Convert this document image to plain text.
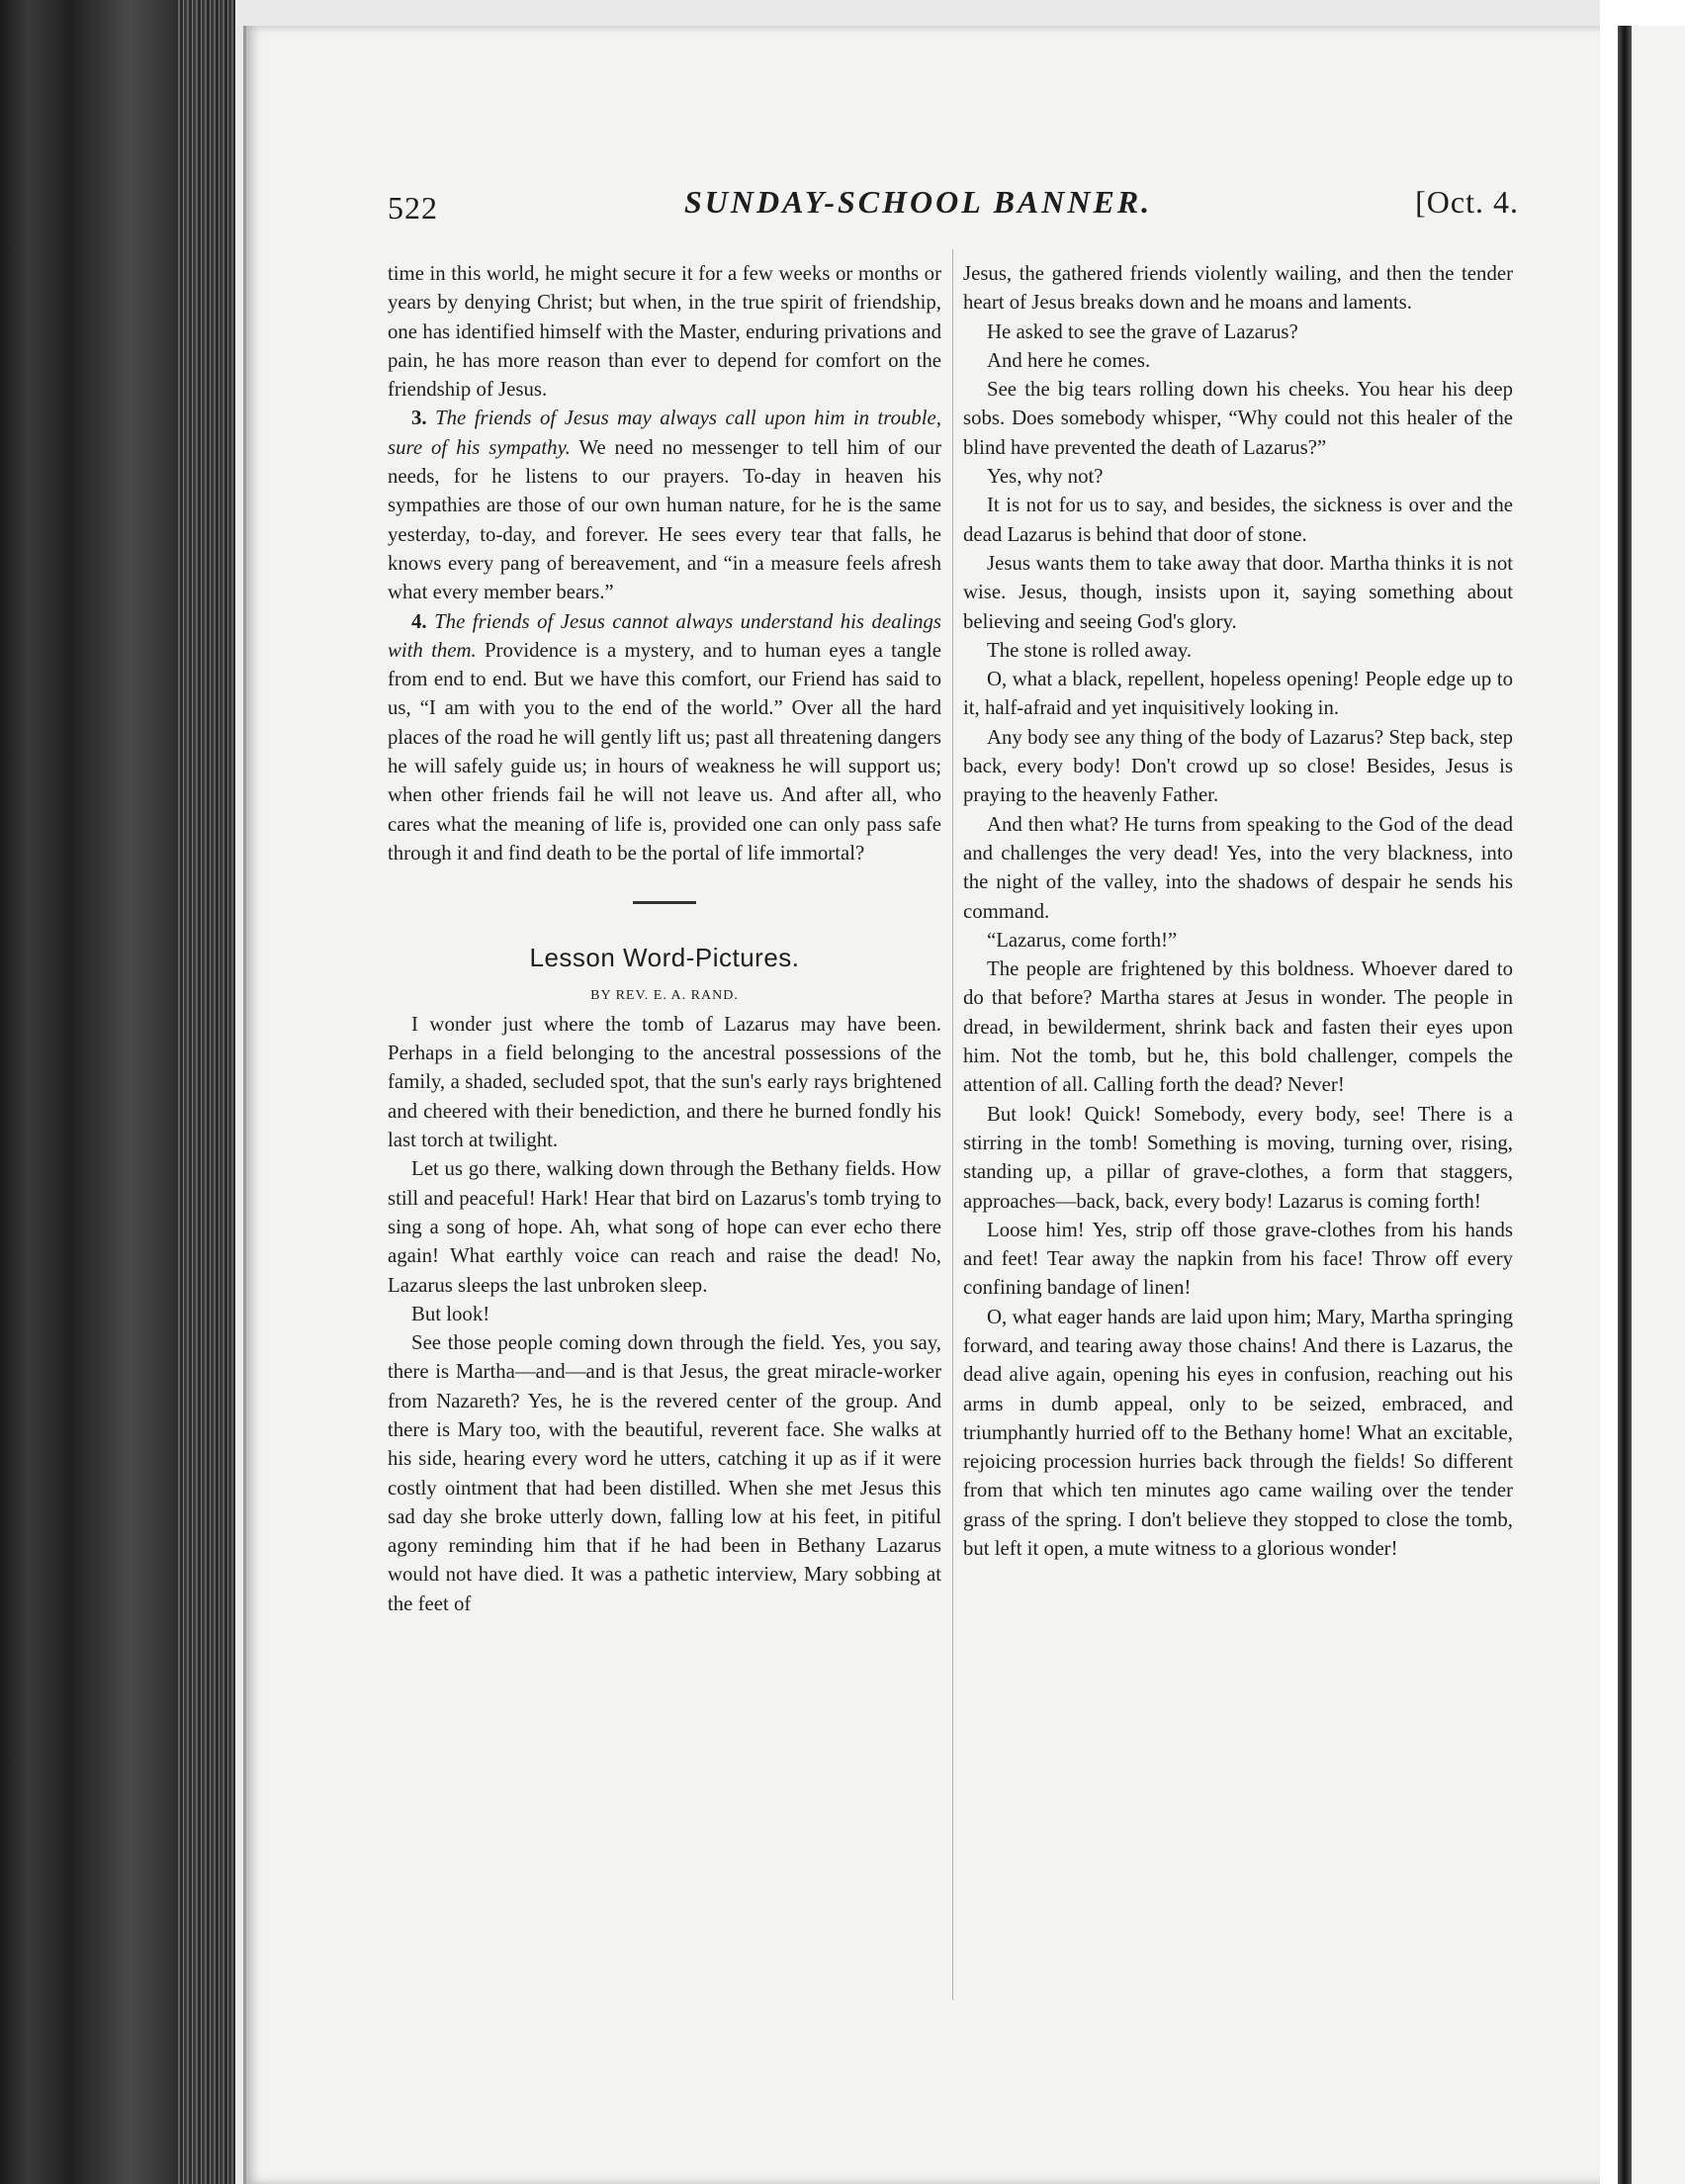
522	SUNDAY-SCHOOL BANNER.	[Oct. 4.

time in this world, he might secure it for a few weeks or months or years by denying Christ; but when, in the true spirit of friendship, one has identified himself with the Master, enduring privations and pain, he has more reason than ever to depend for comfort on the friendship of Jesus.

3. The friends of Jesus may always call upon him in trouble, sure of his sympathy. We need no messenger to tell him of our needs, for he listens to our prayers. To-day in heaven his sympathies are those of our own human nature, for he is the same yesterday, to-day, and forever. He sees every tear that falls, he knows every pang of bereavement, and “in a measure feels afresh what every member bears.”

4. The friends of Jesus cannot always understand his dealings with them. Providence is a mystery, and to human eyes a tangle from end to end. But we have this comfort, our Friend has said to us, “I am with you to the end of the world.” Over all the hard places of the road he will gently lift us; past all threatening dangers he will safely guide us; in hours of weakness he will support us; when other friends fail he will not leave us. And after all, who cares what the meaning of life is, provided one can only pass safe through it and find death to be the portal of life immortal?

Lesson Word-Pictures.

BY REV. E. A. RAND.

I wonder just where the tomb of Lazarus may have been. Perhaps in a field belonging to the ancestral possessions of the family, a shaded, secluded spot, that the sun's early rays brightened and cheered with their benediction, and there he burned fondly his last torch at twilight.

Let us go there, walking down through the Bethany fields. How still and peaceful! Hark! Hear that bird on Lazarus's tomb trying to sing a song of hope. Ah, what song of hope can ever echo there again! What earthly voice can reach and raise the dead! No, Lazarus sleeps the last unbroken sleep.

But look!

See those people coming down through the field. Yes, you say, there is Martha—and—and is that Jesus, the great miracle-worker from Nazareth? Yes, he is the revered center of the group. And there is Mary too, with the beautiful, reverent face. She walks at his side, hearing every word he utters, catching it up as if it were costly ointment that had been distilled. When she met Jesus this sad day she broke utterly down, falling low at his feet, in pitiful agony reminding him that if he had been in Bethany Lazarus would not have died. It was a pathetic interview, Mary sobbing at the feet of

Jesus, the gathered friends violently wailing, and then the tender heart of Jesus breaks down and he moans and laments.

He asked to see the grave of Lazarus?

And here he comes.

See the big tears rolling down his cheeks. You hear his deep sobs. Does somebody whisper, “Why could not this healer of the blind have prevented the death of Lazarus?”

Yes, why not?

It is not for us to say, and besides, the sickness is over and the dead Lazarus is behind that door of stone.

Jesus wants them to take away that door. Martha thinks it is not wise. Jesus, though, insists upon it, saying something about believing and seeing God's glory.

The stone is rolled away.

O, what a black, repellent, hopeless opening! People edge up to it, half-afraid and yet inquisitively looking in.

Any body see any thing of the body of Lazarus? Step back, step back, every body! Don't crowd up so close! Besides, Jesus is praying to the heavenly Father.

And then what? He turns from speaking to the God of the dead and challenges the very dead! Yes, into the very blackness, into the night of the valley, into the shadows of despair he sends his command.

“Lazarus, come forth!”

The people are frightened by this boldness. Whoever dared to do that before? Martha stares at Jesus in wonder. The people in dread, in bewilderment, shrink back and fasten their eyes upon him. Not the tomb, but he, this bold challenger, compels the attention of all. Calling forth the dead? Never!

But look! Quick! Somebody, every body, see! There is a stirring in the tomb! Something is moving, turning over, rising, standing up, a pillar of grave-clothes, a form that staggers, approaches—back, back, every body! Lazarus is coming forth!

Loose him! Yes, strip off those grave-clothes from his hands and feet! Tear away the napkin from his face! Throw off every confining bandage of linen!

O, what eager hands are laid upon him; Mary, Martha springing forward, and tearing away those chains! And there is Lazarus, the dead alive again, opening his eyes in confusion, reaching out his arms in dumb appeal, only to be seized, embraced, and triumphantly hurried off to the Bethany home! What an excitable, rejoicing procession hurries back through the fields! So different from that which ten minutes ago came wailing over the tender grass of the spring. I don't believe they stopped to close the tomb, but left it open, a mute witness to a glorious wonder!
